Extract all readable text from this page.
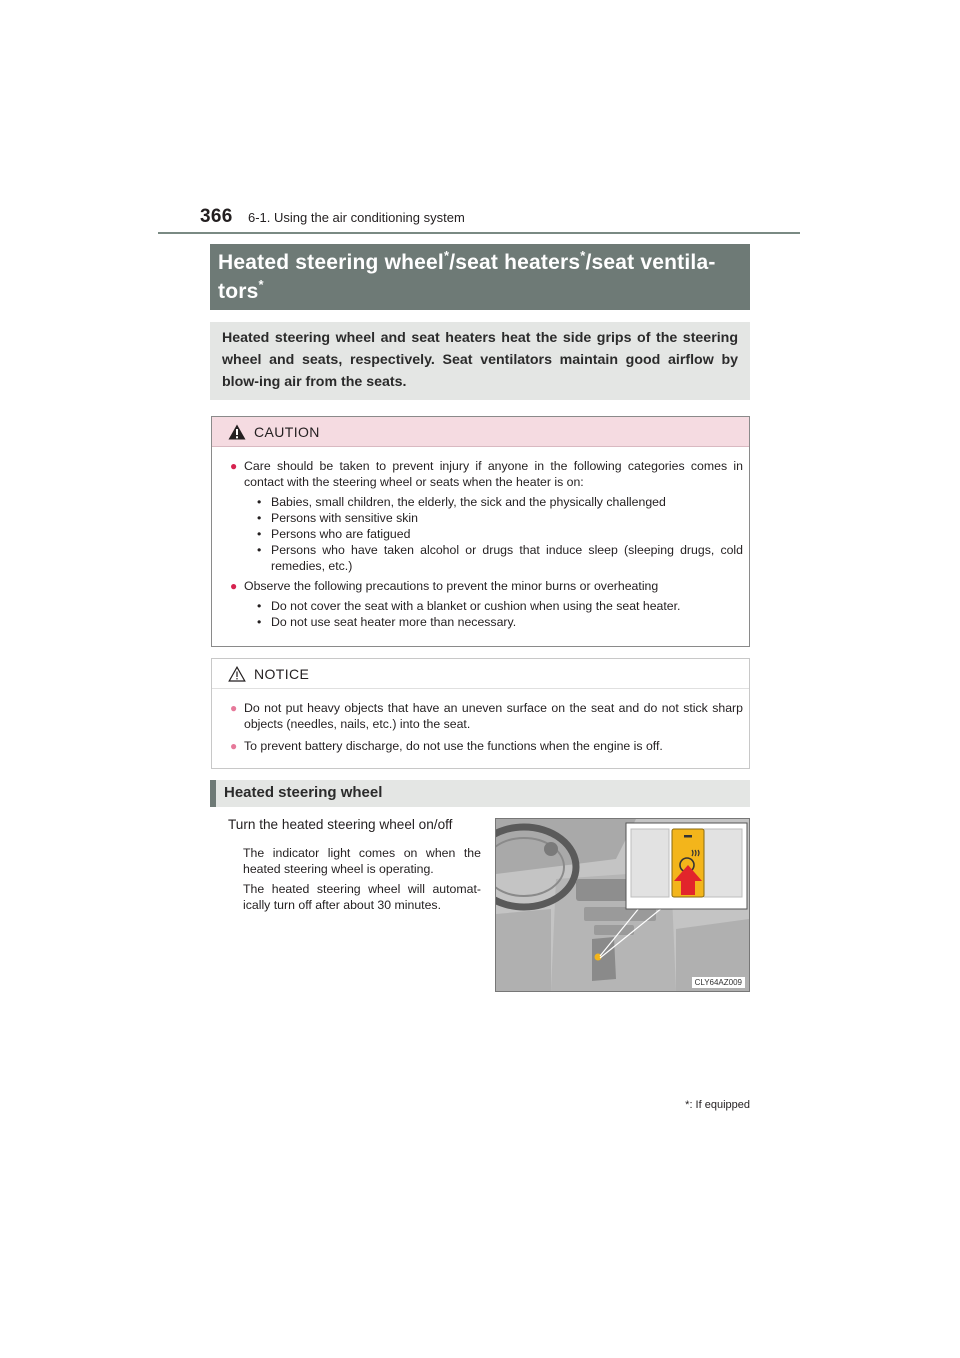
366 6-1. Using the air conditioning system
Heated steering wheel*/seat heaters*/seat ventila-
tors*
Heated steering wheel and seat heaters heat the side grips of the steering wheel and seats, respectively. Seat ventilators maintain good airflow by blow-ing air from the seats.
CAUTION
● Care should be taken to prevent injury if anyone in the following categories comes in contact with the steering wheel or seats when the heater is on:
• Babies, small children, the elderly, the sick and the physically challenged
• Persons with sensitive skin
• Persons who are fatigued
• Persons who have taken alcohol or drugs that induce sleep (sleeping drugs, cold remedies, etc.)
● Observe the following precautions to prevent the minor burns or overheating
• Do not cover the seat with a blanket or cushion when using the seat heater.
• Do not use seat heater more than necessary.
NOTICE
● Do not put heavy objects that have an uneven surface on the seat and do not stick sharp objects (needles, nails, etc.) into the seat.
● To prevent battery discharge, do not use the functions when the engine is off.
Heated steering wheel
Turn the heated steering wheel on/off
The indicator light comes on when the heated steering wheel is operating.
The heated steering wheel will automat-ically turn off after about 30 minutes.
CLY64AZ009
*: If equipped
